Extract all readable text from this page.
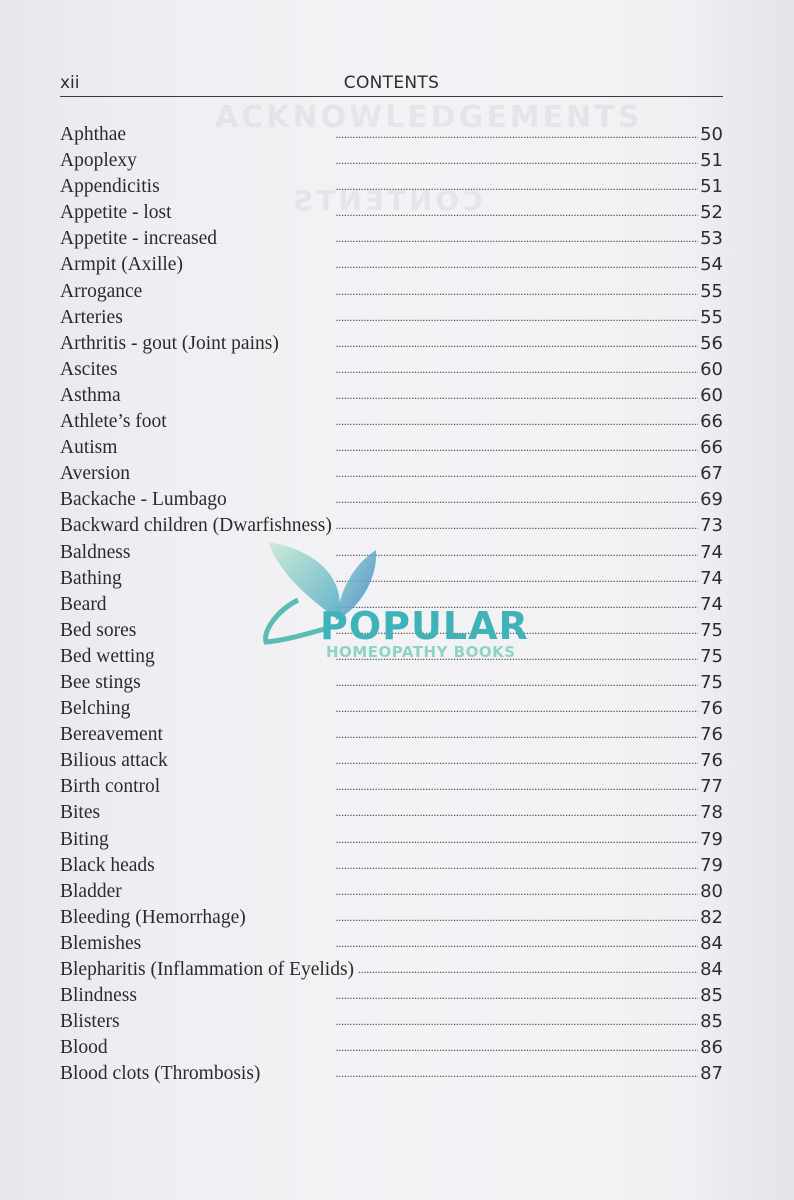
ACKNOWLEDGEMENTS
CONTENTS
xii	CONTENTS
Aphthae . . .	50
Apoplexy . . .	51
Appendicitis . . .	51
Appetite - lost . . .	52
Appetite - increased . . .	53
Armpit (Axille) . . .	54
Arrogance . . .	55
Arteries . . .	55
Arthritis - gout (Joint pains) . . .	56
Ascites . . .	60
Asthma . . .	60
Athlete’s foot . . .	66
Autism . . .	66
Aversion . . .	67
Backache - Lumbago . . .	69
Backward children (Dwarfishness) . . .	73
Baldness . . .	74
Bathing . . .	74
Beard . . .	74
Bed sores . . .	75
Bed wetting . . .	75
Bee stings . . .	75
Belching . . .	76
Bereavement . . .	76
Bilious attack . . .	76
Birth control . . .	77
Bites . . .	78
Biting . . .	79
Black heads . . .	79
Bladder . . .	80
Bleeding (Hemorrhage) . . .	82
Blemishes . . .	84
Blepharitis (Inflammation of Eyelids) . . .	84
Blindness . . .	85
Blisters . . .	85
Blood . . .	86
Blood clots (Thrombosis) . . .	87
POPULAR
HOMEOPATHY BOOKS
